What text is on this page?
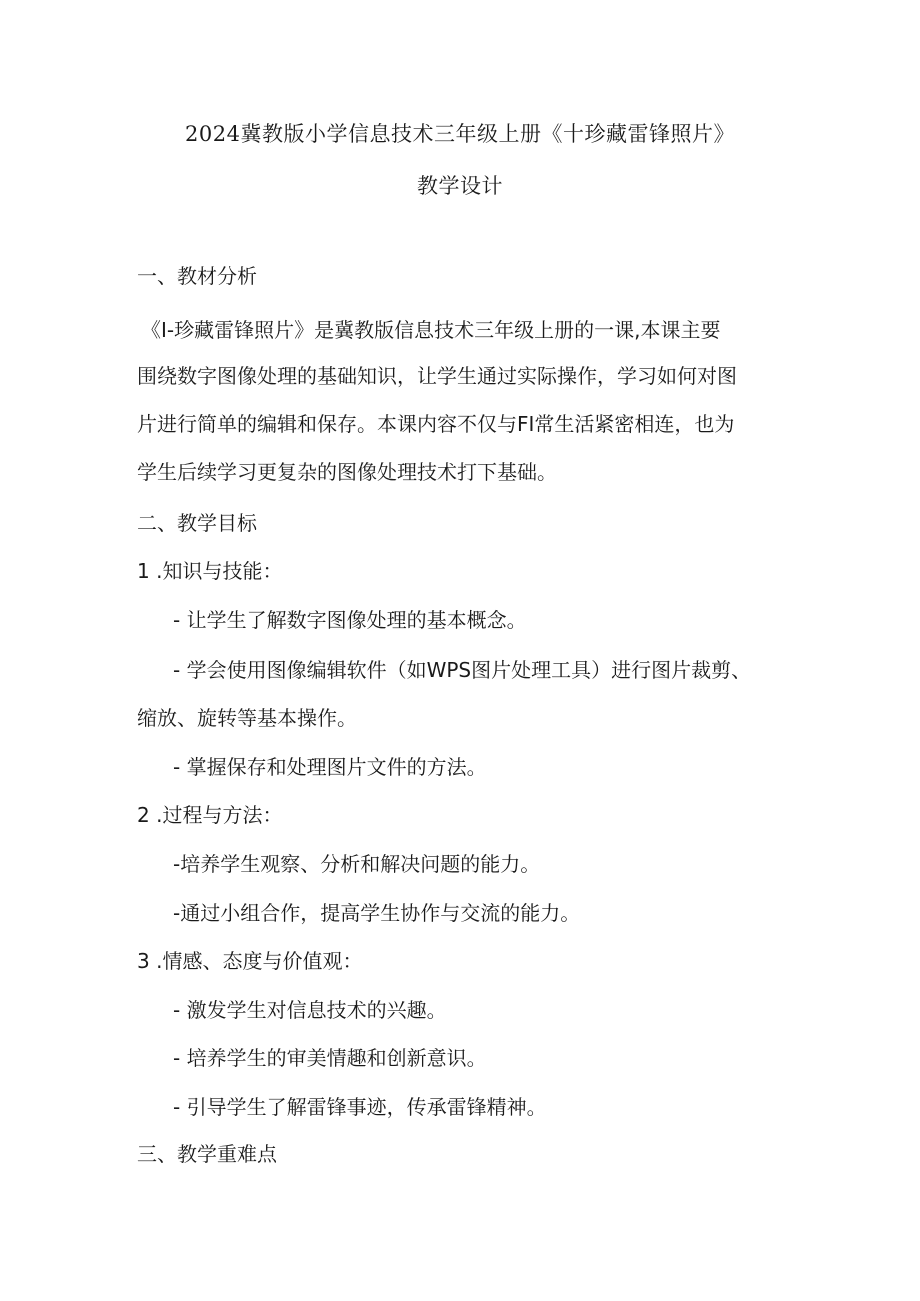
2024冀教版小学信息技术三年级上册《十珍藏雷锋照片》
教学设计
一、教材分析
《I-珍藏雷锋照片》是冀教版信息技术三年级上册的一课,本课主要
围绕数字图像处理的基础知识，让学生通过实际操作，学习如何对图
片进行简单的编辑和保存。本课内容不仅与FI常生活紧密相连，也为
学生后续学习更复杂的图像处理技术打下基础。
二、教学目标
1 .知识与技能：
- 让学生了解数字图像处理的基本概念。
- 学会使用图像编辑软件（如WPS图片处理工具）进行图片裁剪、
缩放、旋转等基本操作。
- 掌握保存和处理图片文件的方法。
2 .过程与方法：
-培养学生观察、分析和解决问题的能力。
-通过小组合作，提高学生协作与交流的能力。
3 .情感、态度与价值观：
- 激发学生对信息技术的兴趣。
- 培养学生的审美情趣和创新意识。
- 引导学生了解雷锋事迹，传承雷锋精神。
三、教学重难点
